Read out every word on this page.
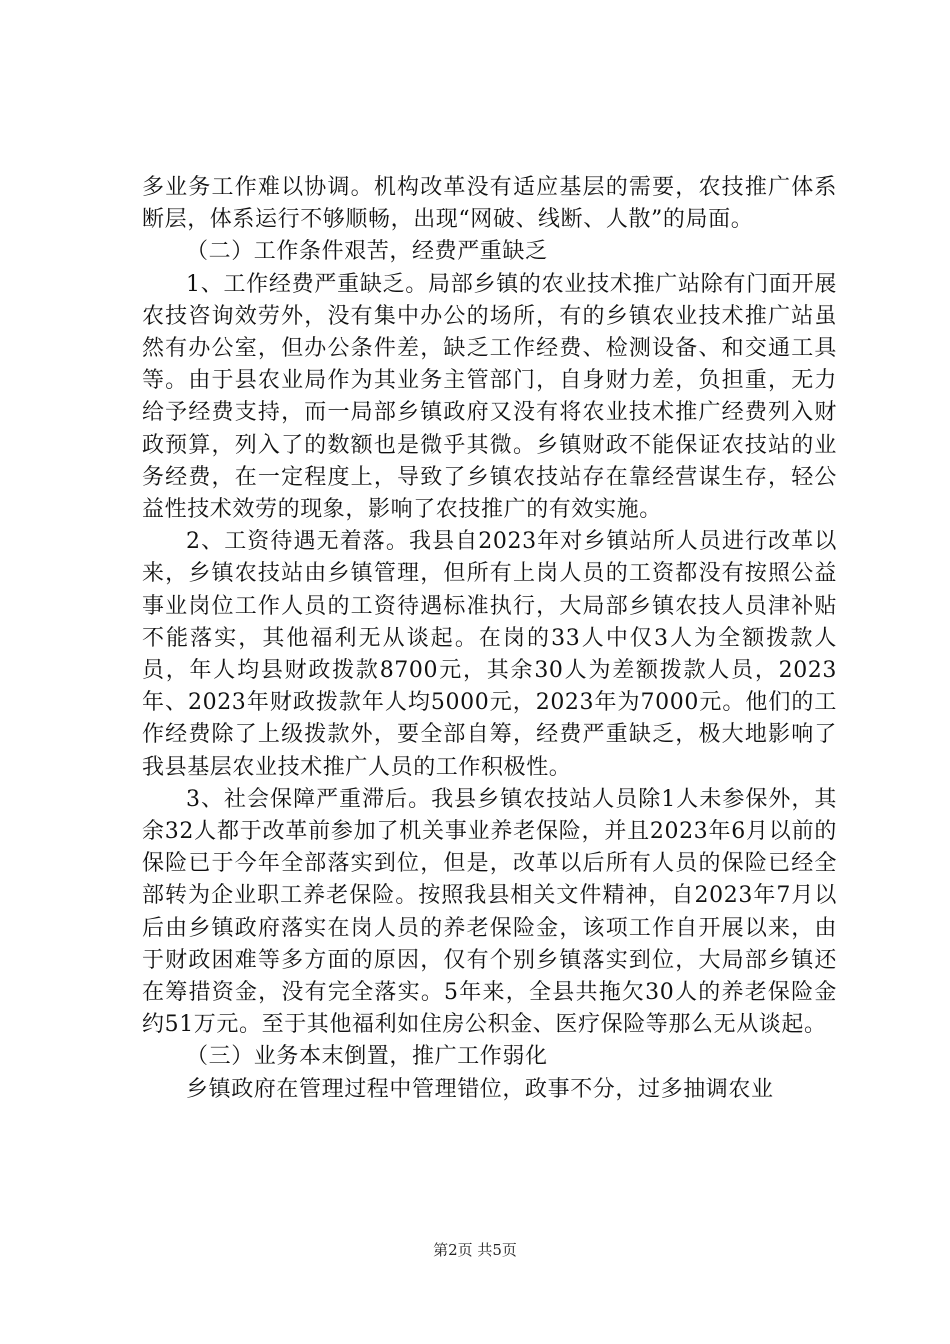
多业务工作难以协调。机构改革没有适应基层的需要，农技推广体系断层，体系运行不够顺畅，出现“网破、线断、人散”的局面。

（二）工作条件艰苦，经费严重缺乏

1、工作经费严重缺乏。局部乡镇的农业技术推广站除有门面开展农技咨询效劳外，没有集中办公的场所，有的乡镇农业技术推广站虽然有办公室，但办公条件差，缺乏工作经费、检测设备、和交通工具等。由于县农业局作为其业务主管部门，自身财力差，负担重，无力给予经费支持，而一局部乡镇政府又没有将农业技术推广经费列入财政预算，列入了的数额也是微乎其微。乡镇财政不能保证农技站的业务经费，在一定程度上，导致了乡镇农技站存在靠经营谋生存，轻公益性技术效劳的现象，影响了农技推广的有效实施。

2、工资待遇无着落。我县自2023年对乡镇站所人员进行改革以来，乡镇农技站由乡镇管理，但所有上岗人员的工资都没有按照公益事业岗位工作人员的工资待遇标准执行，大局部乡镇农技人员津补贴不能落实，其他福利无从谈起。在岗的33人中仅3人为全额拨款人员，年人均县财政拨款8700元，其余30人为差额拨款人员，2023年、2023年财政拨款年人均5000元，2023年为7000元。他们的工作经费除了上级拨款外，要全部自筹，经费严重缺乏，极大地影响了我县基层农业技术推广人员的工作积极性。

3、社会保障严重滞后。我县乡镇农技站人员除1人未参保外，其余32人都于改革前参加了机关事业养老保险，并且2023年6月以前的保险已于今年全部落实到位，但是，改革以后所有人员的保险已经全部转为企业职工养老保险。按照我县相关文件精神，自2023年7月以后由乡镇政府落实在岗人员的养老保险金，该项工作自开展以来，由于财政困难等多方面的原因，仅有个别乡镇落实到位，大局部乡镇还在筹措资金，没有完全落实。5年来，全县共拖欠30人的养老保险金约51万元。至于其他福利如住房公积金、医疗保险等那么无从谈起。

（三）业务本末倒置，推广工作弱化

乡镇政府在管理过程中管理错位，政事不分，过多抽调农业

第2页 共5页
